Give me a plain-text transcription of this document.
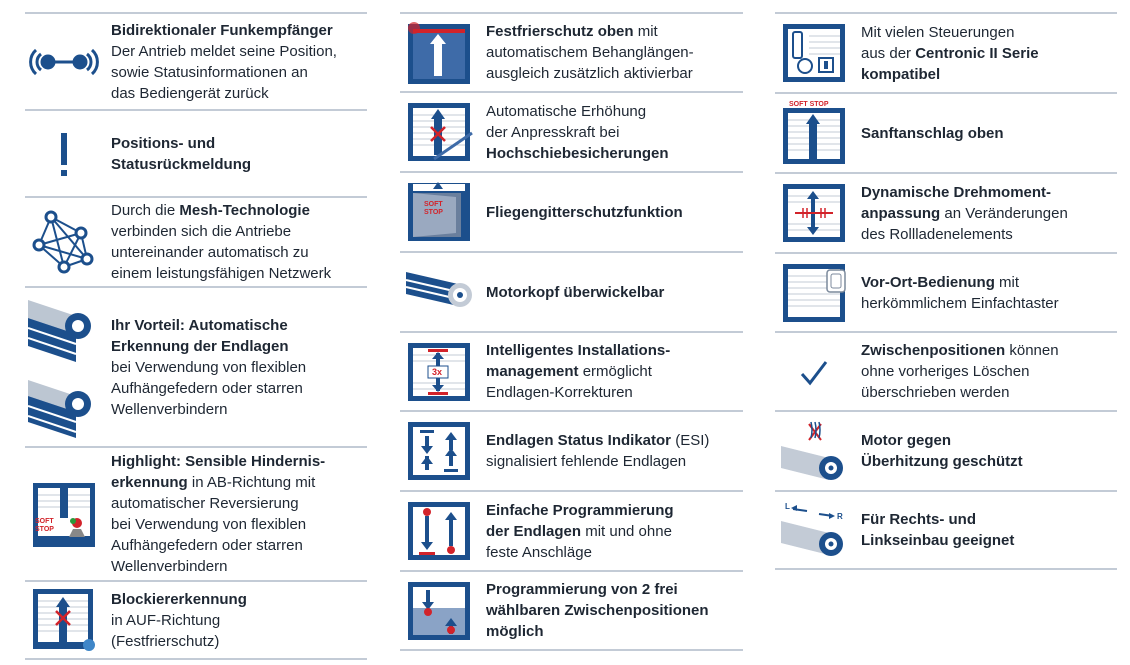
Bidirektionaler Funkempfänger
Der Antrieb meldet seine Position,
sowie Statusinformationen an
das Bediengerät zurück
Positions- und
Statusrückmeldung
Durch die Mesh-Technologie
verbinden sich die Antriebe
untereinander automatisch zu
einem leistungsfähigen Netzwerk
Ihr Vorteil: Automatische
Erkennung der Endlagen
bei Verwendung von flexiblen
Aufhängefedern oder starren
Wellenverbindern
SOFT
STOP
Highlight: Sensible Hindernis-
erkennung in AB-Richtung mit
automatischer Reversierung
bei Verwendung von flexiblen
Aufhängefedern oder starren
Wellenverbindern
Blockiererkennung
in AUF-Richtung
(Festfrierschutz)
Festfrierschutz oben mit
automatischem Behanglängen-
ausgleich zusätzlich aktivierbar
Automatische Erhöhung
der Anpresskraft bei
Hochschiebesicherungen
SOFT
STOP	Fliegengitterschutzfunktion
Motorkopf überwickelbar
3x
Intelligentes Installations-
management ermöglicht
Endlagen-Korrekturen
Endlagen Status Indikator (ESI)
signalisiert fehlende Endlagen
Einfache Programmierung
der Endlagen mit und ohne
feste Anschläge
Programmierung von 2 frei
wählbaren Zwischenpositionen
möglich
Mit vielen Steuerungen
aus der Centronic II Serie
kompatibel
SOFT STOP
Sanftanschlag oben
Dynamische Drehmoment-
anpassung an Veränderungen
des Rollladenelements
Vor-Ort-Bedienung mit
herkömmlichem Einfachtaster
Zwischenpositionen können
ohne vorheriges Löschen
überschrieben werden
Motor gegen
Überhitzung geschützt
L
R Für Rechts- und
Linkseinbau geeignet
